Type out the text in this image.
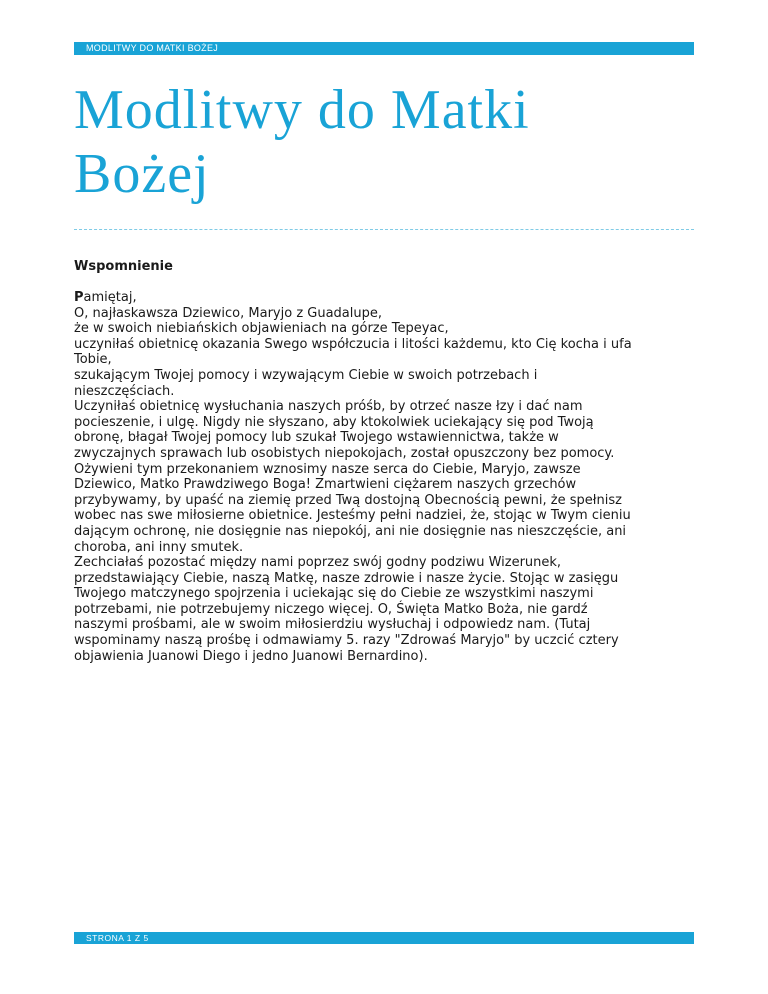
MODLITWY DO MATKI BOŻEJ
Modlitwy do Matki
Bożej
Wspomnienie
Pamiętaj,
O, najłaskawsza Dziewico, Maryjo z Guadalupe,
że w swoich niebiańskich objawieniach na górze Tepeyac,
uczyniłaś obietnicę okazania Swego współczucia i litości każdemu, kto Cię kocha i ufa
Tobie,
szukającym Twojej pomocy i wzywającym Ciebie w swoich potrzebach i
nieszczęściach.
Uczyniłaś obietnicę wysłuchania naszych próśb, by otrzeć nasze łzy i dać nam
pocieszenie, i ulgę. Nigdy nie słyszano, aby ktokolwiek uciekający się pod Twoją
obronę, błagał Twojej pomocy lub szukał Twojego wstawiennictwa, także w
zwyczajnych sprawach lub osobistych niepokojach, został opuszczony bez pomocy.
Ożywieni tym przekonaniem wznosimy nasze serca do Ciebie, Maryjo, zawsze
Dziewico, Matko Prawdziwego Boga! Zmartwieni ciężarem naszych grzechów
przybywamy, by upaść na ziemię przed Twą dostojną Obecnością pewni, że spełnisz
wobec nas swe miłosierne obietnice. Jesteśmy pełni nadziei, że, stojąc w Twym cieniu
dającym ochronę, nie dosięgnie nas niepokój, ani nie dosięgnie nas nieszczęście, ani
choroba, ani inny smutek.
Zechciałaś pozostać między nami poprzez swój godny podziwu Wizerunek,
przedstawiający Ciebie, naszą Matkę, nasze zdrowie i nasze życie. Stojąc w zasięgu
Twojego matczynego spojrzenia i uciekając się do Ciebie ze wszystkimi naszymi
potrzebami, nie potrzebujemy niczego więcej. O, Święta Matko Boża, nie gardź
naszymi prośbami, ale w swoim miłosierdziu wysłuchaj i odpowiedz nam. (Tutaj
wspominamy naszą prośbę i odmawiamy 5. razy "Zdrowaś Maryjo" by uczcić cztery
objawienia Juanowi Diego i jedno Juanowi Bernardino).
STRONA 1 Z 5
